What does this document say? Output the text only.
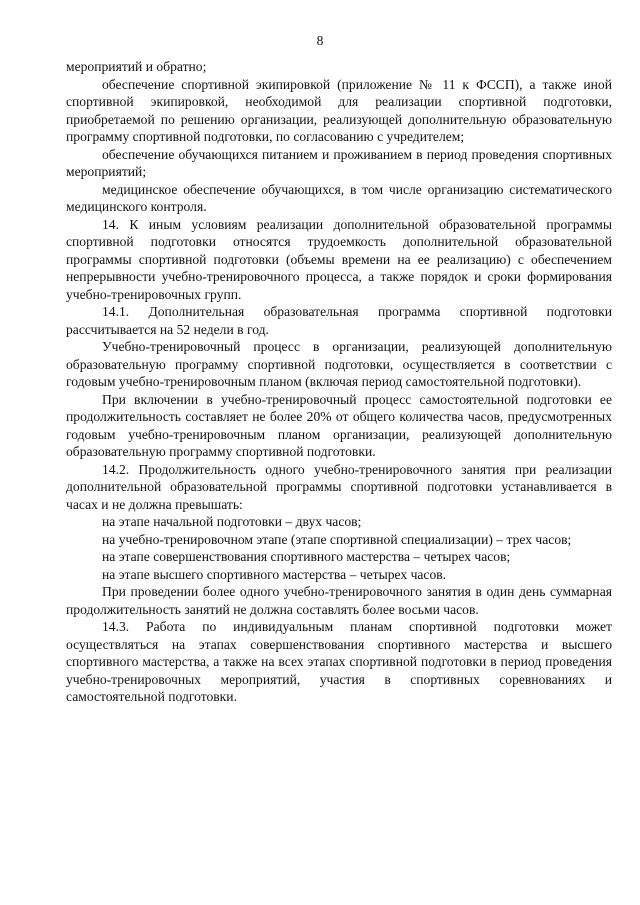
8

мероприятий и обратно;

обеспечение спортивной экипировкой (приложение № 11 к ФССП), а также иной спортивной экипировкой, необходимой для реализации спортивной подготовки, приобретаемой по решению организации, реализующей дополнительную образовательную программу спортивной подготовки, по согласованию с учредителем;

обеспечение обучающихся питанием и проживанием в период проведения спортивных мероприятий;

медицинское обеспечение обучающихся, в том числе организацию систематического медицинского контроля.

14. К иным условиям реализации дополнительной образовательной программы спортивной подготовки относятся трудоемкость дополнительной образовательной программы спортивной подготовки (объемы времени на ее реализацию) с обеспечением непрерывности учебно-тренировочного процесса, а также порядок и сроки формирования учебно-тренировочных групп.

14.1. Дополнительная образовательная программа спортивной подготовки рассчитывается на 52 недели в год.

Учебно-тренировочный процесс в организации, реализующей дополнительную образовательную программу спортивной подготовки, осуществляется в соответствии с годовым учебно-тренировочным планом (включая период самостоятельной подготовки).

При включении в учебно-тренировочный процесс самостоятельной подготовки ее продолжительность составляет не более 20% от общего количества часов, предусмотренных годовым учебно-тренировочным планом организации, реализующей дополнительную образовательную программу спортивной подготовки.

14.2. Продолжительность одного учебно-тренировочного занятия при реализации дополнительной образовательной программы спортивной подготовки устанавливается в часах и не должна превышать:

на этапе начальной подготовки – двух часов;

на учебно-тренировочном этапе (этапе спортивной специализации) – трех часов;

на этапе совершенствования спортивного мастерства – четырех часов;

на этапе высшего спортивного мастерства – четырех часов.

При проведении более одного учебно-тренировочного занятия в один день суммарная продолжительность занятий не должна составлять более восьми часов.

14.3. Работа по индивидуальным планам спортивной подготовки может осуществляться на этапах совершенствования спортивного мастерства и высшего спортивного мастерства, а также на всех этапах спортивной подготовки в период проведения учебно-тренировочных мероприятий, участия в спортивных соревнованиях и самостоятельной подготовки.
